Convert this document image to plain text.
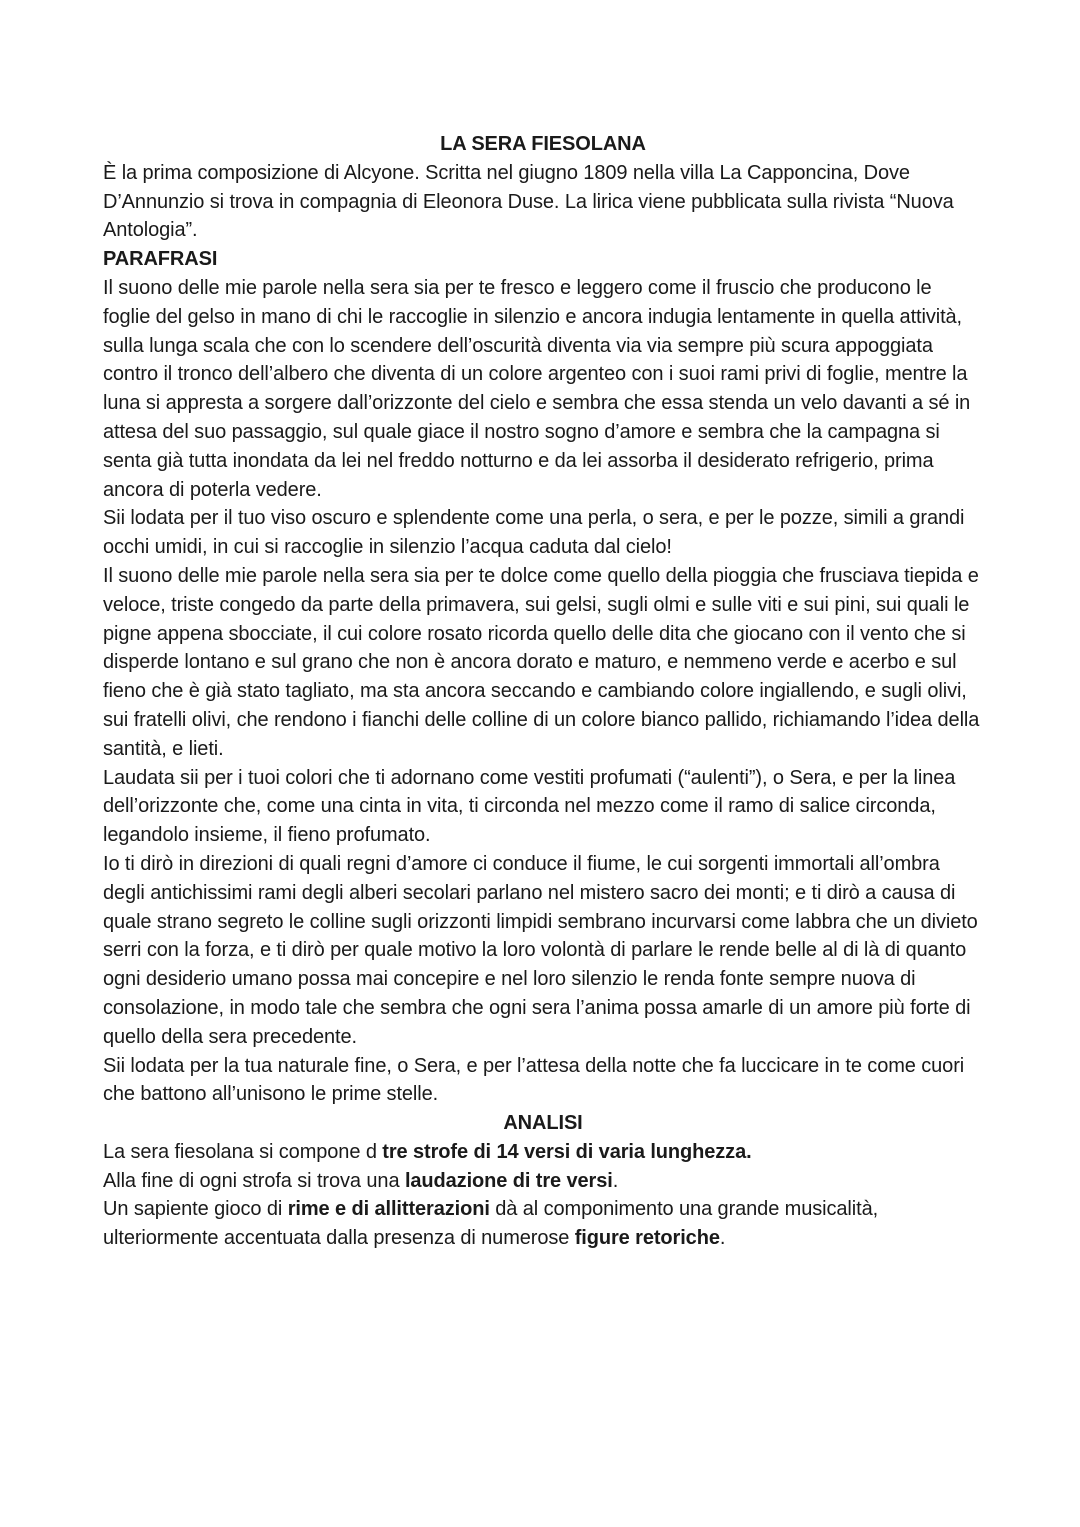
LA SERA FIESOLANA

È la prima composizione di Alcyone. Scritta nel giugno 1809 nella villa La Capponcina, Dove D’Annunzio si trova in compagnia di Eleonora Duse. La lirica viene pubblicata sulla rivista “Nuova Antologia”.

PARAFRASI

Il suono delle mie parole nella sera sia per te fresco e leggero come il fruscio che producono le foglie del gelso in mano di chi le raccoglie in silenzio e ancora indugia lentamente in quella attività, sulla lunga scala che con lo scendere dell’oscurità diventa via via sempre più scura appoggiata contro il tronco dell’albero che diventa di un colore argenteo con i suoi rami privi di foglie, mentre la luna si appresta a sorgere dall’orizzonte del cielo e sembra che essa stenda un velo davanti a sé in attesa del suo passaggio, sul quale giace il nostro sogno d’amore e sembra che la campagna si senta già tutta inondata da lei nel freddo notturno e da lei assorba il desiderato refrigerio, prima ancora di poterla vedere.

Sii lodata per il tuo viso oscuro e splendente come una perla, o sera, e per le pozze, simili a grandi occhi umidi, in cui si raccoglie in silenzio l’acqua caduta dal cielo!

Il suono delle mie parole nella sera sia per te dolce come quello della pioggia che frusciava tiepida e veloce, triste congedo da parte della primavera, sui gelsi, sugli olmi e sulle viti e sui pini, sui quali le pigne appena sbocciate, il cui colore rosato ricorda quello delle dita che giocano con il vento che si disperde lontano e sul grano che non è ancora dorato e maturo, e nemmeno verde e acerbo e sul fieno che è già stato tagliato, ma sta ancora seccando e cambiando colore ingiallendo, e sugli olivi, sui fratelli olivi, che rendono i fianchi delle colline di un colore bianco pallido, richiamando l’idea della santità, e lieti.

Laudata sii per i tuoi colori che ti adornano come vestiti profumati (“aulenti”), o Sera, e per la linea dell’orizzonte che, come una cinta in vita, ti circonda nel mezzo come il ramo di salice circonda, legandolo insieme, il fieno profumato.

Io ti dirò in direzioni di quali regni d’amore ci conduce il fiume, le cui sorgenti immortali all’ombra degli antichissimi rami degli alberi secolari parlano nel mistero sacro dei monti; e ti dirò a causa di quale strano segreto le colline sugli orizzonti limpidi sembrano incurvarsi come labbra che un divieto serri con la forza, e ti dirò per quale motivo la loro volontà di parlare le rende belle al di là di quanto ogni desiderio umano possa mai concepire e nel loro silenzio le renda fonte sempre nuova di consolazione, in modo tale che sembra che ogni sera l’anima possa amarle di un amore più forte di quello della sera precedente.

Sii lodata per la tua naturale fine, o Sera, e per l’attesa della notte che fa luccicare in te come cuori che battono all’unisono le prime stelle.

ANALISI

La sera fiesolana si compone d tre strofe di 14 versi di varia lunghezza.

Alla fine di ogni strofa si trova una laudazione di tre versi.

Un sapiente gioco di rime e di allitterazioni dà al componimento una grande musicalità, ulteriormente accentuata dalla presenza di numerose figure retoriche.
